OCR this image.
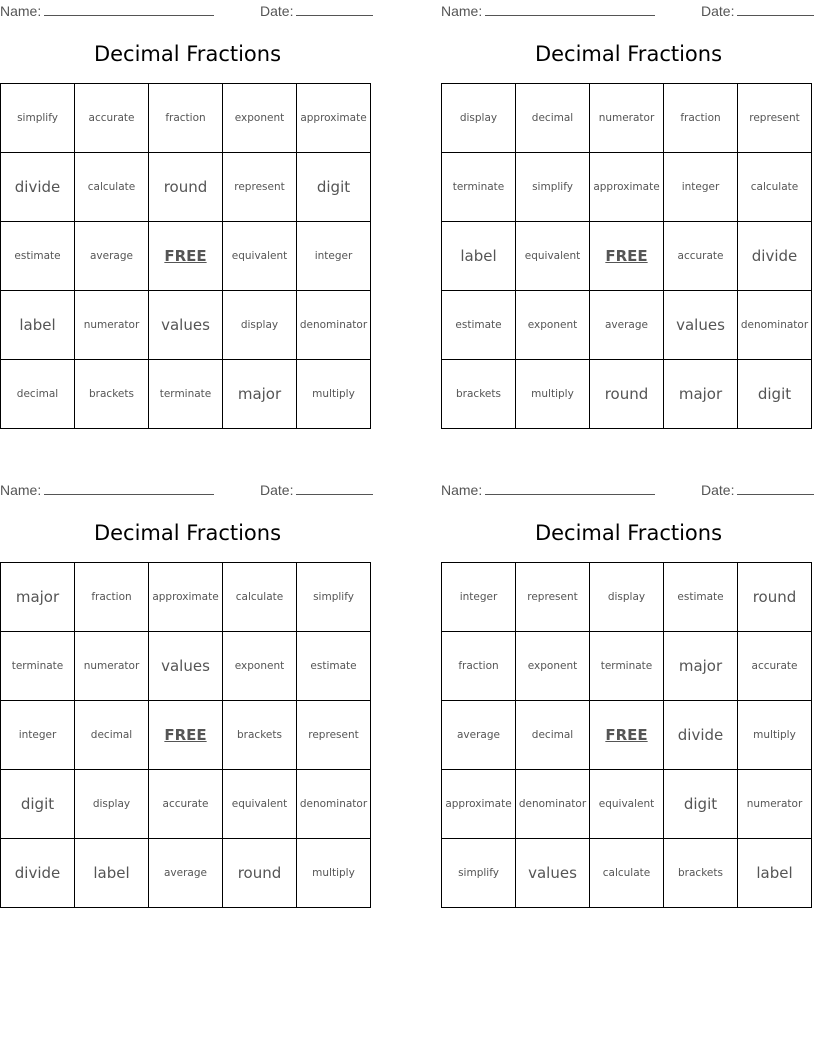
Name:	Date:
Decimal Fractions
simplify	accurate	fraction	exponent	approximate
divide	calculate	round	represent	digit
estimate	average	FREE	equivalent	integer
label	numerator	values	display	denominator
decimal	brackets	terminate	major	multiply
Name:	Date:
Decimal Fractions
display	decimal	numerator	fraction	represent
terminate	simplify	approximate	integer	calculate
label	equivalent	FREE	accurate	divide
estimate	exponent	average	values	denominator
brackets	multiply	round	major	digit
Name:	Date:
Decimal Fractions
major	fraction	approximate	calculate	simplify
terminate	numerator	values	exponent	estimate
integer	decimal	FREE	brackets	represent
digit	display	accurate	equivalent	denominator
divide	label	average	round	multiply
Name:	Date:
Decimal Fractions
integer	represent	display	estimate	round
fraction	exponent	terminate	major	accurate
average	decimal	FREE	divide	multiply
approximate	denominator	equivalent	digit	numerator
simplify	values	calculate	brackets	label
